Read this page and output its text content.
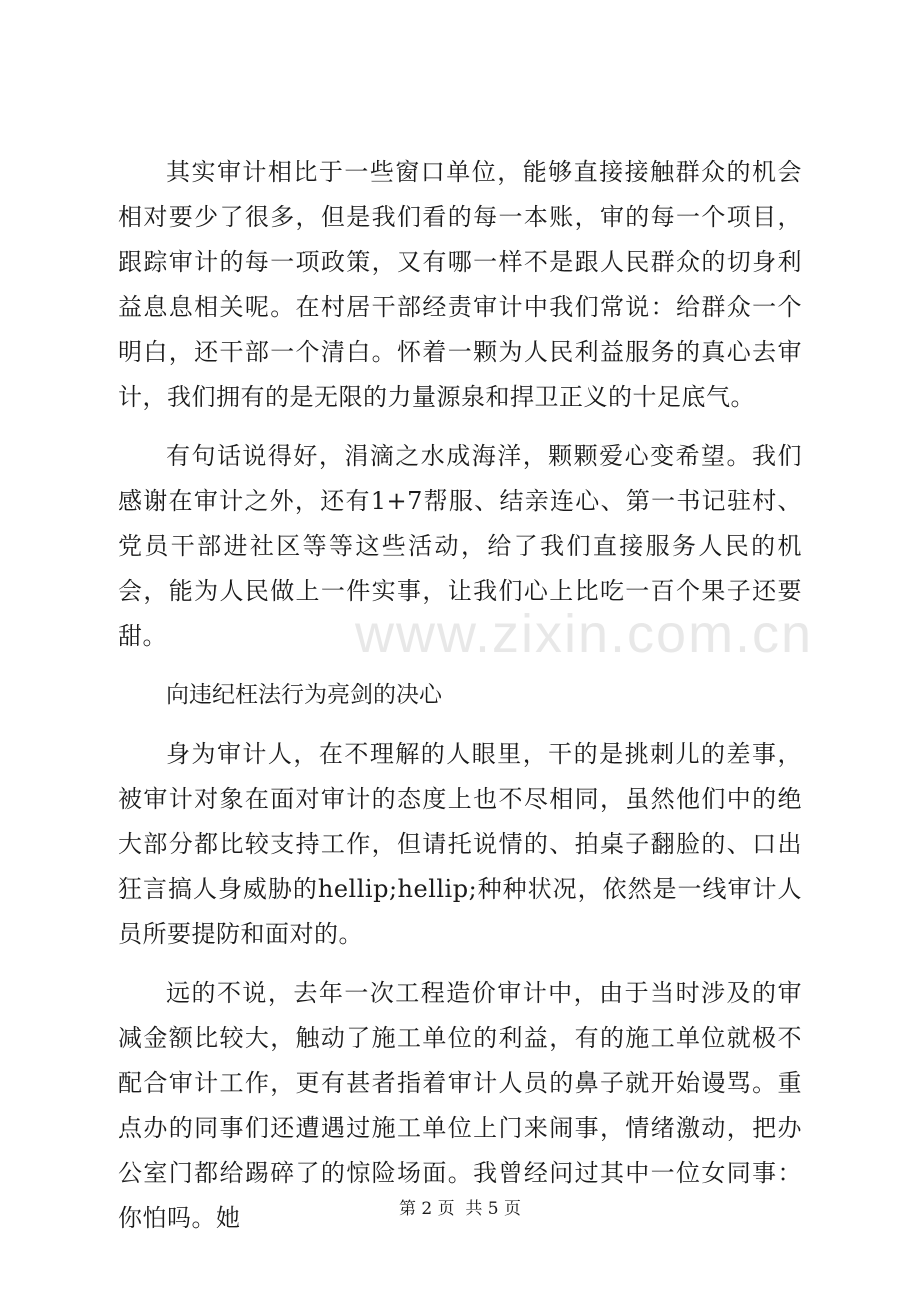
其实审计相比于一些窗口单位，能够直接接触群众的机会相对要少了很多，但是我们看的每一本账，审的每一个项目，跟踪审计的每一项政策，又有哪一样不是跟人民群众的切身利益息息相关呢。在村居干部经责审计中我们常说：给群众一个明白，还干部一个清白。怀着一颗为人民利益服务的真心去审计，我们拥有的是无限的力量源泉和捍卫正义的十足底气。

有句话说得好，涓滴之水成海洋，颗颗爱心变希望。我们感谢在审计之外，还有1+7帮服、结亲连心、第一书记驻村、党员干部进社区等等这些活动，给了我们直接服务人民的机会，能为人民做上一件实事，让我们心上比吃一百个果子还要甜。

向违纪枉法行为亮剑的决心

身为审计人，在不理解的人眼里，干的是挑刺儿的差事，被审计对象在面对审计的态度上也不尽相同，虽然他们中的绝大部分都比较支持工作，但请托说情的、拍桌子翻脸的、口出狂言搞人身威胁的hellip;hellip;种种状况，依然是一线审计人员所要提防和面对的。

远的不说，去年一次工程造价审计中，由于当时涉及的审减金额比较大，触动了施工单位的利益，有的施工单位就极不配合审计工作，更有甚者指着审计人员的鼻子就开始谩骂。重点办的同事们还遭遇过施工单位上门来闹事，情绪激动，把办公室门都给踢碎了的惊险场面。我曾经问过其中一位女同事：你怕吗。她

www.zixin.com.cn
第 2 页 共 5 页
